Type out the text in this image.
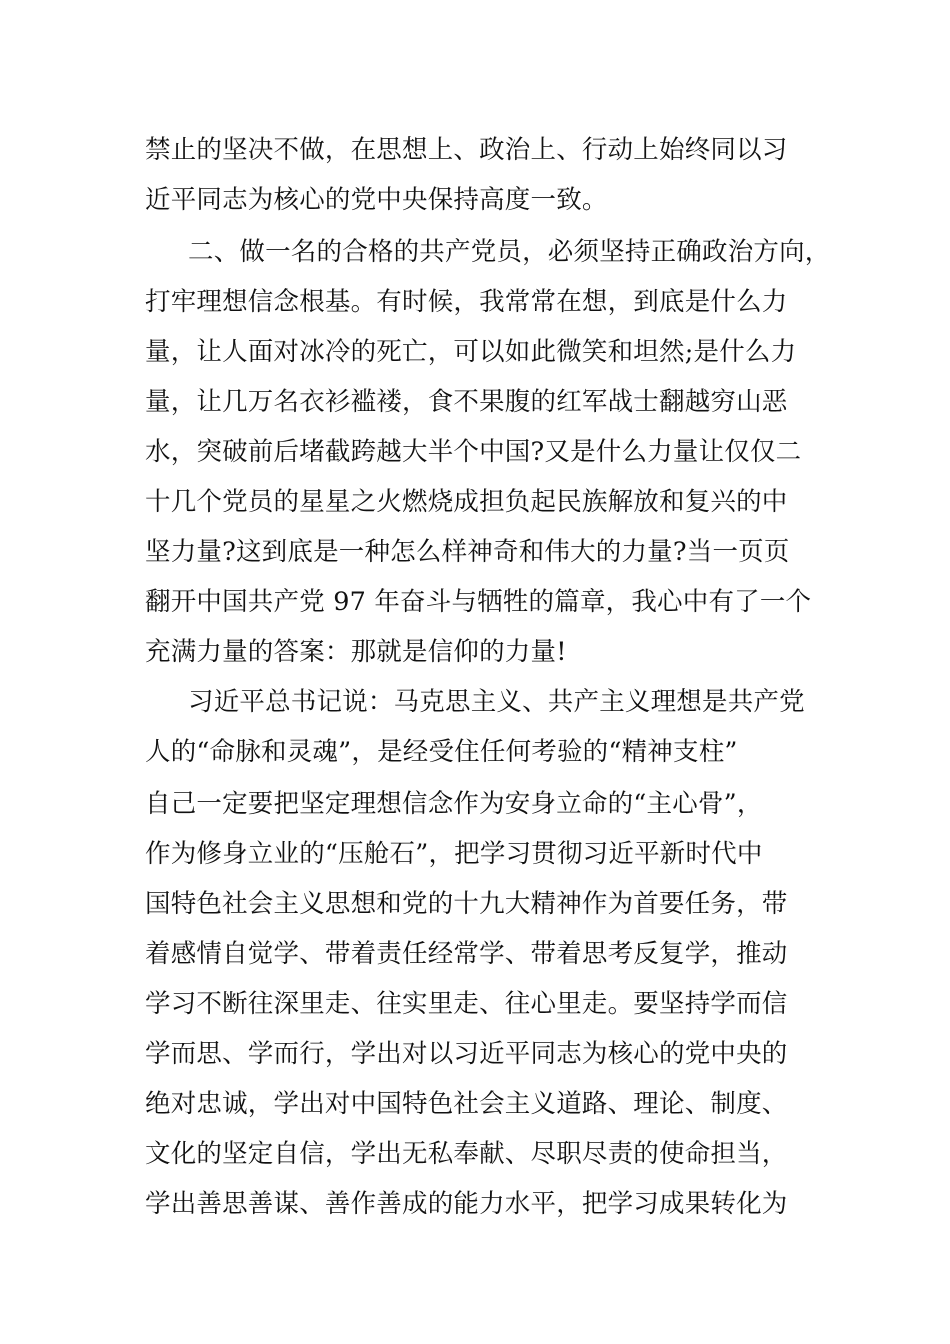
禁止的坚决不做，在思想上、政治上、行动上始终同以习
近平同志为核心的党中央保持高度一致。
二、做一名的合格的共产党员，必须坚持正确政治方向，
打牢理想信念根基。有时候，我常常在想，到底是什么力
量，让人面对冰冷的死亡，可以如此微笑和坦然;是什么力
量，让几万名衣衫褴褛，食不果腹的红军战士翻越穷山恶
水，突破前后堵截跨越大半个中国?又是什么力量让仅仅二
十几个党员的星星之火燃烧成担负起民族解放和复兴的中
坚力量?这到底是一种怎么样神奇和伟大的力量?当一页页
翻开中国共产党 97 年奋斗与牺牲的篇章，我心中有了一个
充满力量的答案：那就是信仰的力量!
习近平总书记说：马克思主义、共产主义理想是共产党
人的“命脉和灵魂”，是经受住任何考验的“精神支柱”
自己一定要把坚定理想信念作为安身立命的“主心骨”，
作为修身立业的“压舱石”，把学习贯彻习近平新时代中
国特色社会主义思想和党的十九大精神作为首要任务，带
着感情自觉学、带着责任经常学、带着思考反复学，推动
学习不断往深里走、往实里走、往心里走。要坚持学而信
学而思、学而行，学出对以习近平同志为核心的党中央的
绝对忠诚，学出对中国特色社会主义道路、理论、制度、
文化的坚定自信，学出无私奉献、尽职尽责的使命担当，
学出善思善谋、善作善成的能力水平，把学习成果转化为
